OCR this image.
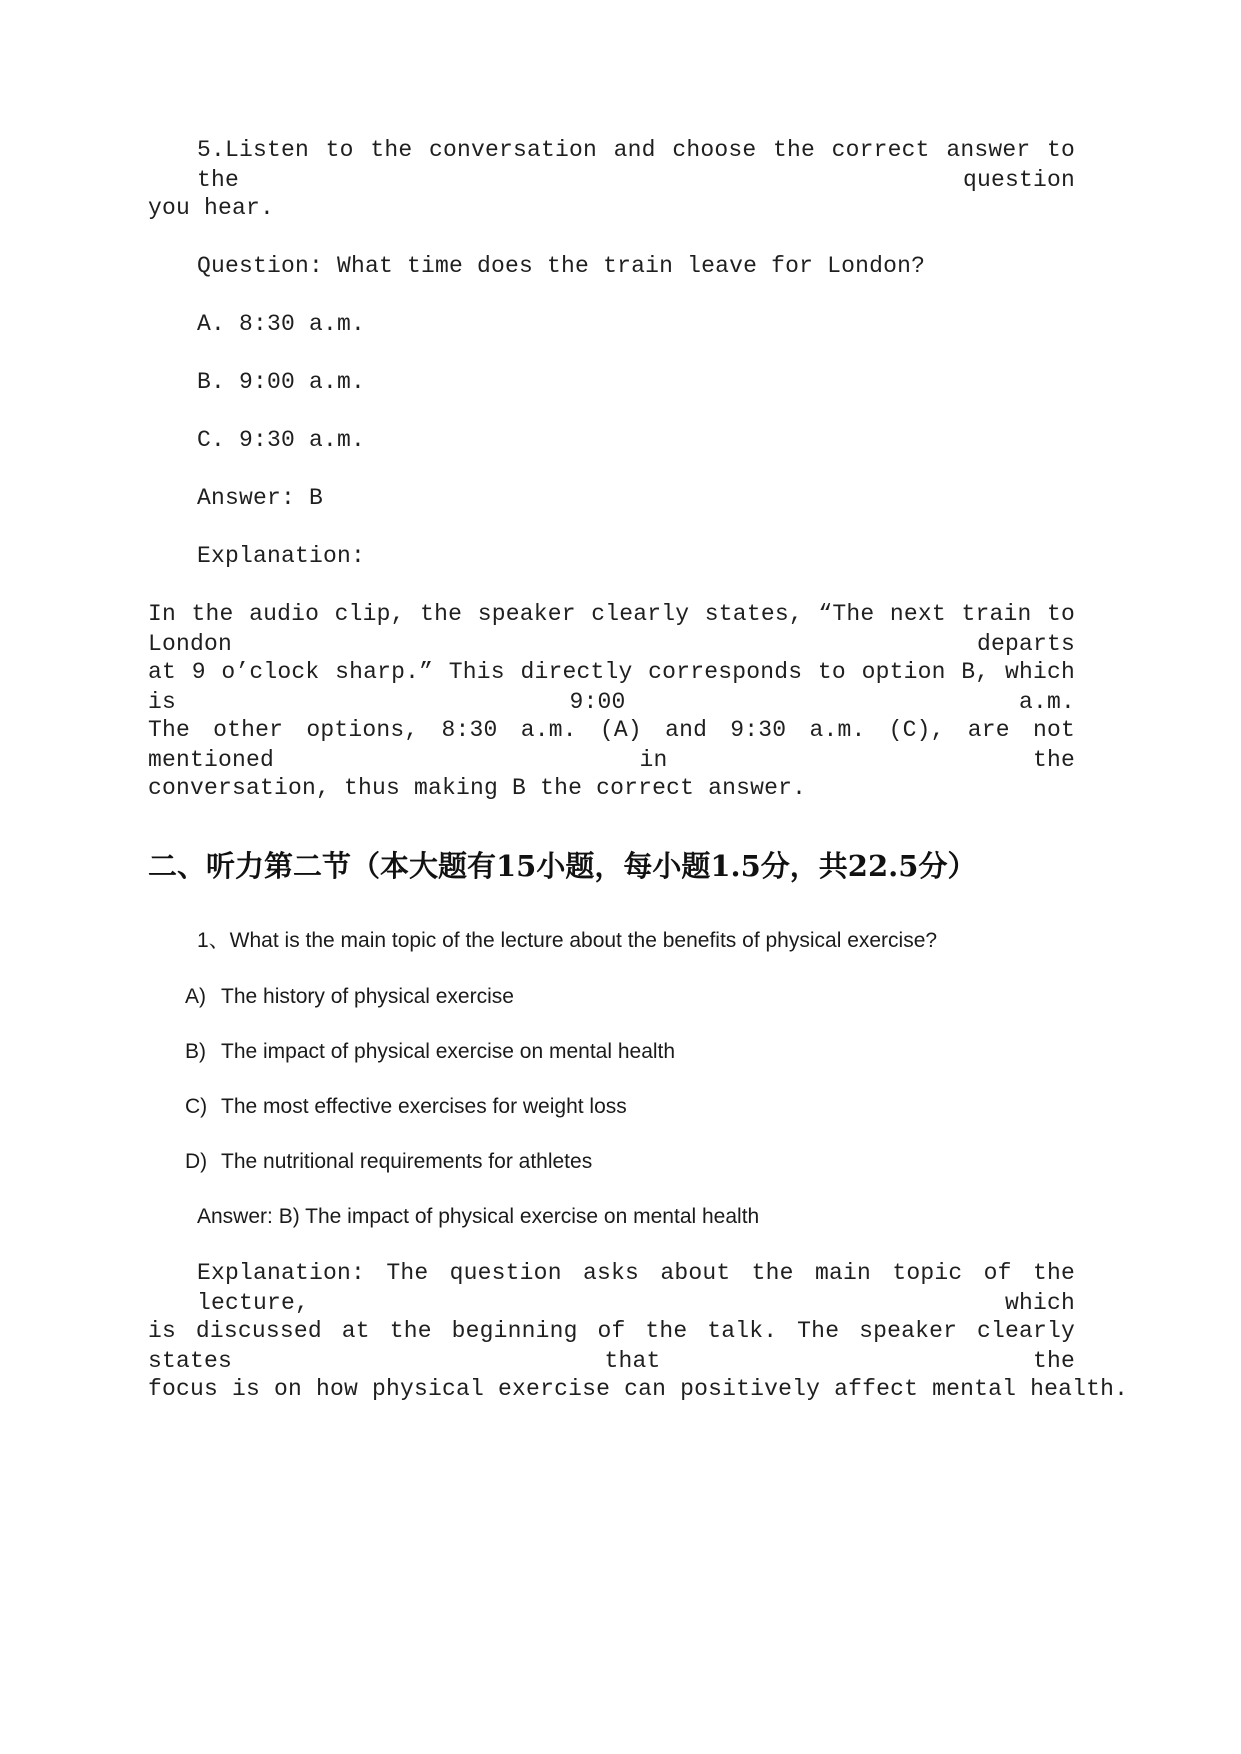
5.Listen to the conversation and choose the correct answer to the question
you hear.
Question: What time does the train leave for London?
A. 8:30 a.m.
B. 9:00 a.m.
C. 9:30 a.m.
Answer: B
Explanation:
In the audio clip, the speaker clearly states, “The next train to London departs
at 9 o’clock sharp.” This directly corresponds to option B, which is 9:00 a.m.
The other options, 8:30 a.m. (A) and 9:30 a.m. (C), are not mentioned in the
conversation, thus making B the correct answer.
二、听力第二节（本大题有15小题，每小题1.5分，共22.5分）
1、What is the main topic of the lecture about the benefits of physical exercise?
A) The history of physical exercise
B) The impact of physical exercise on mental health
C) The most effective exercises for weight loss
D) The nutritional requirements for athletes
Answer: B) The impact of physical exercise on mental health
Explanation: The question asks about the main topic of the lecture, which
is discussed at the beginning of the talk. The speaker clearly states that the
focus is on how physical exercise can positively affect mental health.
